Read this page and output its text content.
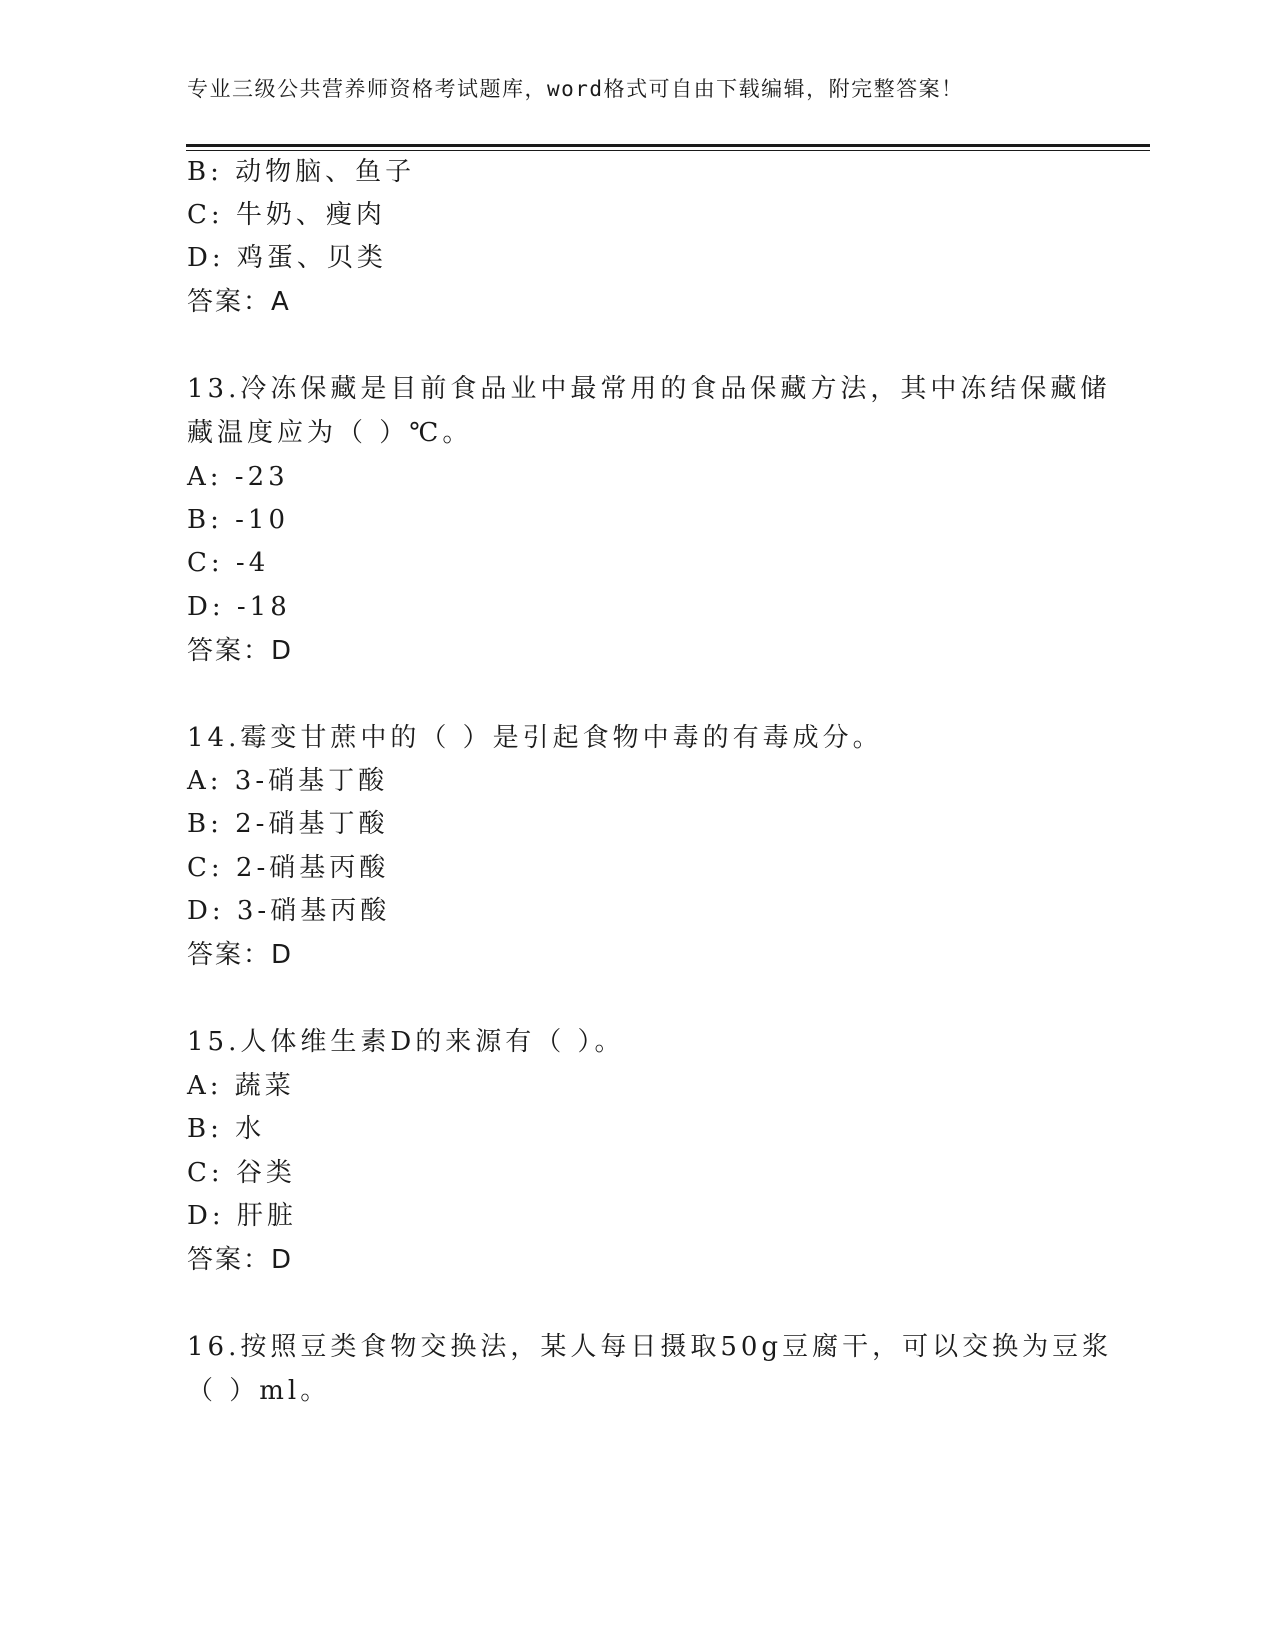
专业三级公共营养师资格考试题库，word格式可自由下载编辑，附完整答案！
B: 动物脑、鱼子
C: 牛奶、瘦肉
D: 鸡蛋、贝类
答案：A
13.冷冻保藏是目前食品业中最常用的食品保藏方法，其中冻结保藏储
藏温度应为（ ）℃。
A: -23
B: -10
C: -4
D: -18
答案：D
14.霉变甘蔗中的（ ）是引起食物中毒的有毒成分。
A: 3-硝基丁酸
B: 2-硝基丁酸
C: 2-硝基丙酸
D: 3-硝基丙酸
答案：D
15.人体维生素D的来源有（ ）。
A: 蔬菜
B: 水
C: 谷类
D: 肝脏
答案：D
16.按照豆类食物交换法，某人每日摄取50g豆腐干，可以交换为豆浆
（ ）ml。
